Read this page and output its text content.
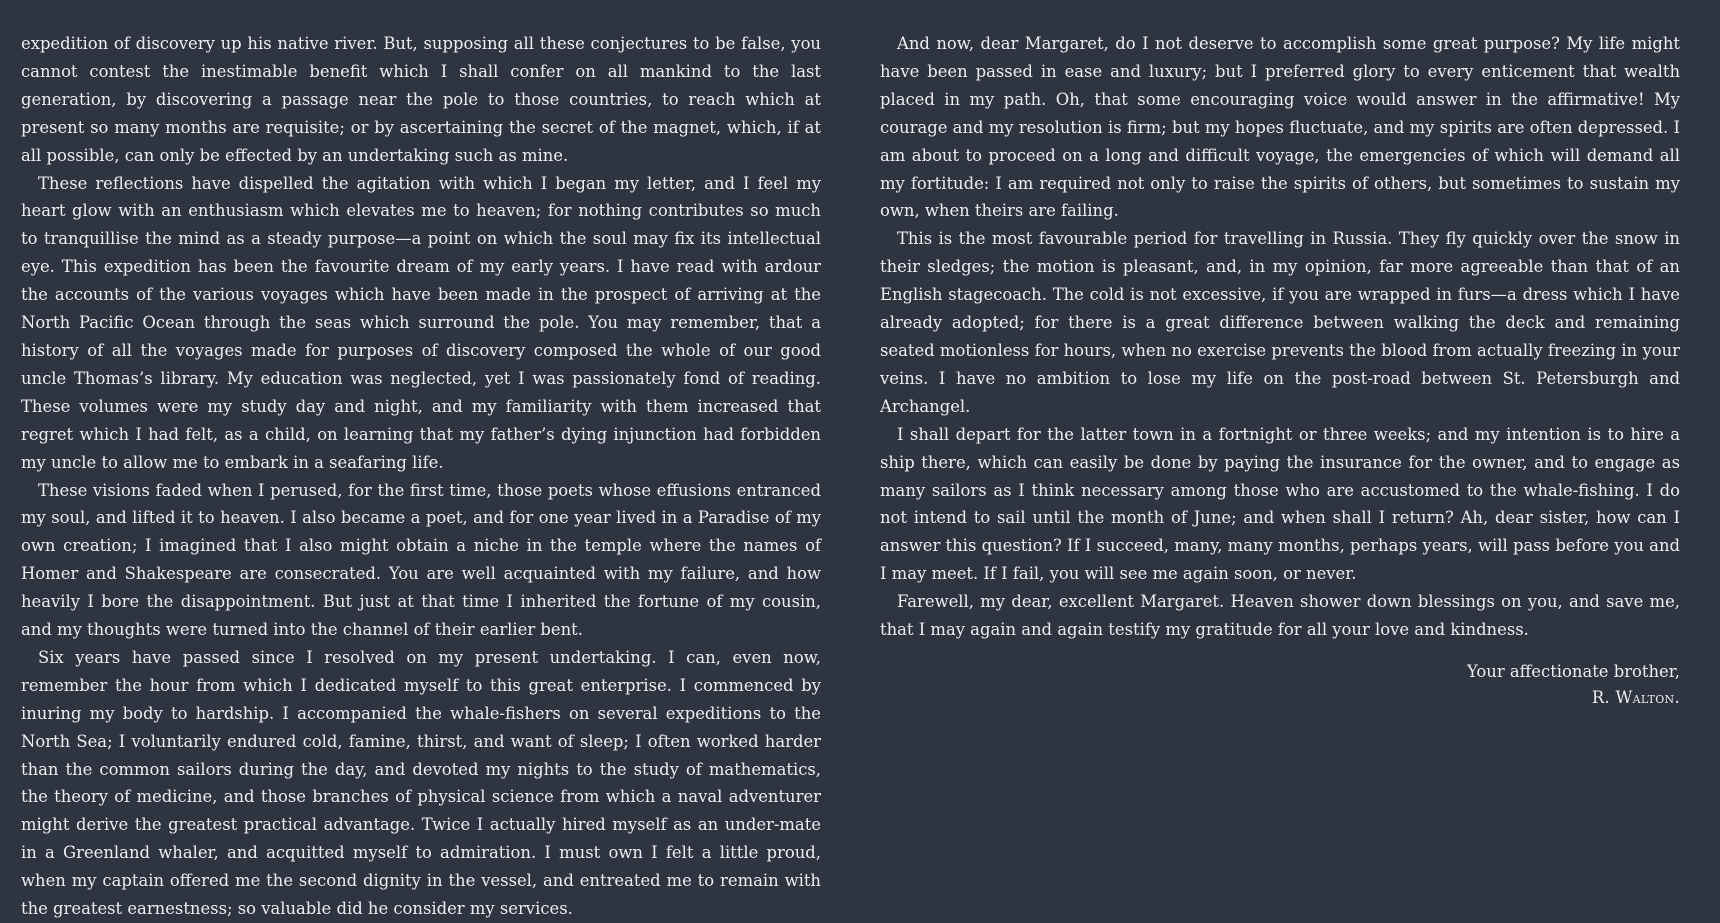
expedition of discovery up his native river. But, supposing all these conjectures to be false, you cannot contest the inestimable benefit which I shall confer on all mankind to the last generation, by discovering a passage near the pole to those countries, to reach which at present so many months are requisite; or by ascertaining the secret of the magnet, which, if at all possible, can only be effected by an undertaking such as mine.

These reflections have dispelled the agitation with which I began my letter, and I feel my heart glow with an enthusiasm which elevates me to heaven; for nothing contributes so much to tranquillise the mind as a steady purpose—a point on which the soul may fix its intellectual eye. This expedition has been the favourite dream of my early years. I have read with ardour the accounts of the various voyages which have been made in the prospect of arriving at the North Pacific Ocean through the seas which surround the pole. You may remember, that a history of all the voyages made for purposes of discovery composed the whole of our good uncle Thomas’s library. My education was neglected, yet I was passionately fond of reading. These volumes were my study day and night, and my familiarity with them increased that regret which I had felt, as a child, on learning that my father’s dying injunction had forbidden my uncle to allow me to embark in a seafaring life.

These visions faded when I perused, for the first time, those poets whose effusions entranced my soul, and lifted it to heaven. I also became a poet, and for one year lived in a Paradise of my own creation; I imagined that I also might obtain a niche in the temple where the names of Homer and Shakespeare are consecrated. You are well acquainted with my failure, and how heavily I bore the disappointment. But just at that time I inherited the fortune of my cousin, and my thoughts were turned into the channel of their earlier bent.

Six years have passed since I resolved on my present undertaking. I can, even now, remember the hour from which I dedicated myself to this great enterprise. I commenced by inuring my body to hardship. I accompanied the whale-fishers on several expeditions to the North Sea; I voluntarily endured cold, famine, thirst, and want of sleep; I often worked harder than the common sailors during the day, and devoted my nights to the study of mathematics, the theory of medicine, and those branches of physical science from which a naval adventurer might derive the greatest practical advantage. Twice I actually hired myself as an under-mate in a Greenland whaler, and acquitted myself to admiration. I must own I felt a little proud, when my captain offered me the second dignity in the vessel, and entreated me to remain with the greatest earnestness; so valuable did he consider my services.

And now, dear Margaret, do I not deserve to accomplish some great purpose? My life might have been passed in ease and luxury; but I preferred glory to every enticement that wealth placed in my path. Oh, that some encouraging voice would answer in the affirmative! My courage and my resolution is firm; but my hopes fluctuate, and my spirits are often depressed. I am about to proceed on a long and difficult voyage, the emergencies of which will demand all my fortitude: I am required not only to raise the spirits of others, but sometimes to sustain my own, when theirs are failing.

This is the most favourable period for travelling in Russia. They fly quickly over the snow in their sledges; the motion is pleasant, and, in my opinion, far more agreeable than that of an English stagecoach. The cold is not excessive, if you are wrapped in furs—a dress which I have already adopted; for there is a great difference between walking the deck and remaining seated motionless for hours, when no exercise prevents the blood from actually freezing in your veins. I have no ambition to lose my life on the post-road between St. Petersburgh and Archangel.

I shall depart for the latter town in a fortnight or three weeks; and my intention is to hire a ship there, which can easily be done by paying the insurance for the owner, and to engage as many sailors as I think necessary among those who are accustomed to the whale-fishing. I do not intend to sail until the month of June; and when shall I return? Ah, dear sister, how can I answer this question? If I succeed, many, many months, perhaps years, will pass before you and I may meet. If I fail, you will see me again soon, or never.

Farewell, my dear, excellent Margaret. Heaven shower down blessings on you, and save me, that I may again and again testify my gratitude for all your love and kindness.

Your affectionate brother,
R. Walton.
